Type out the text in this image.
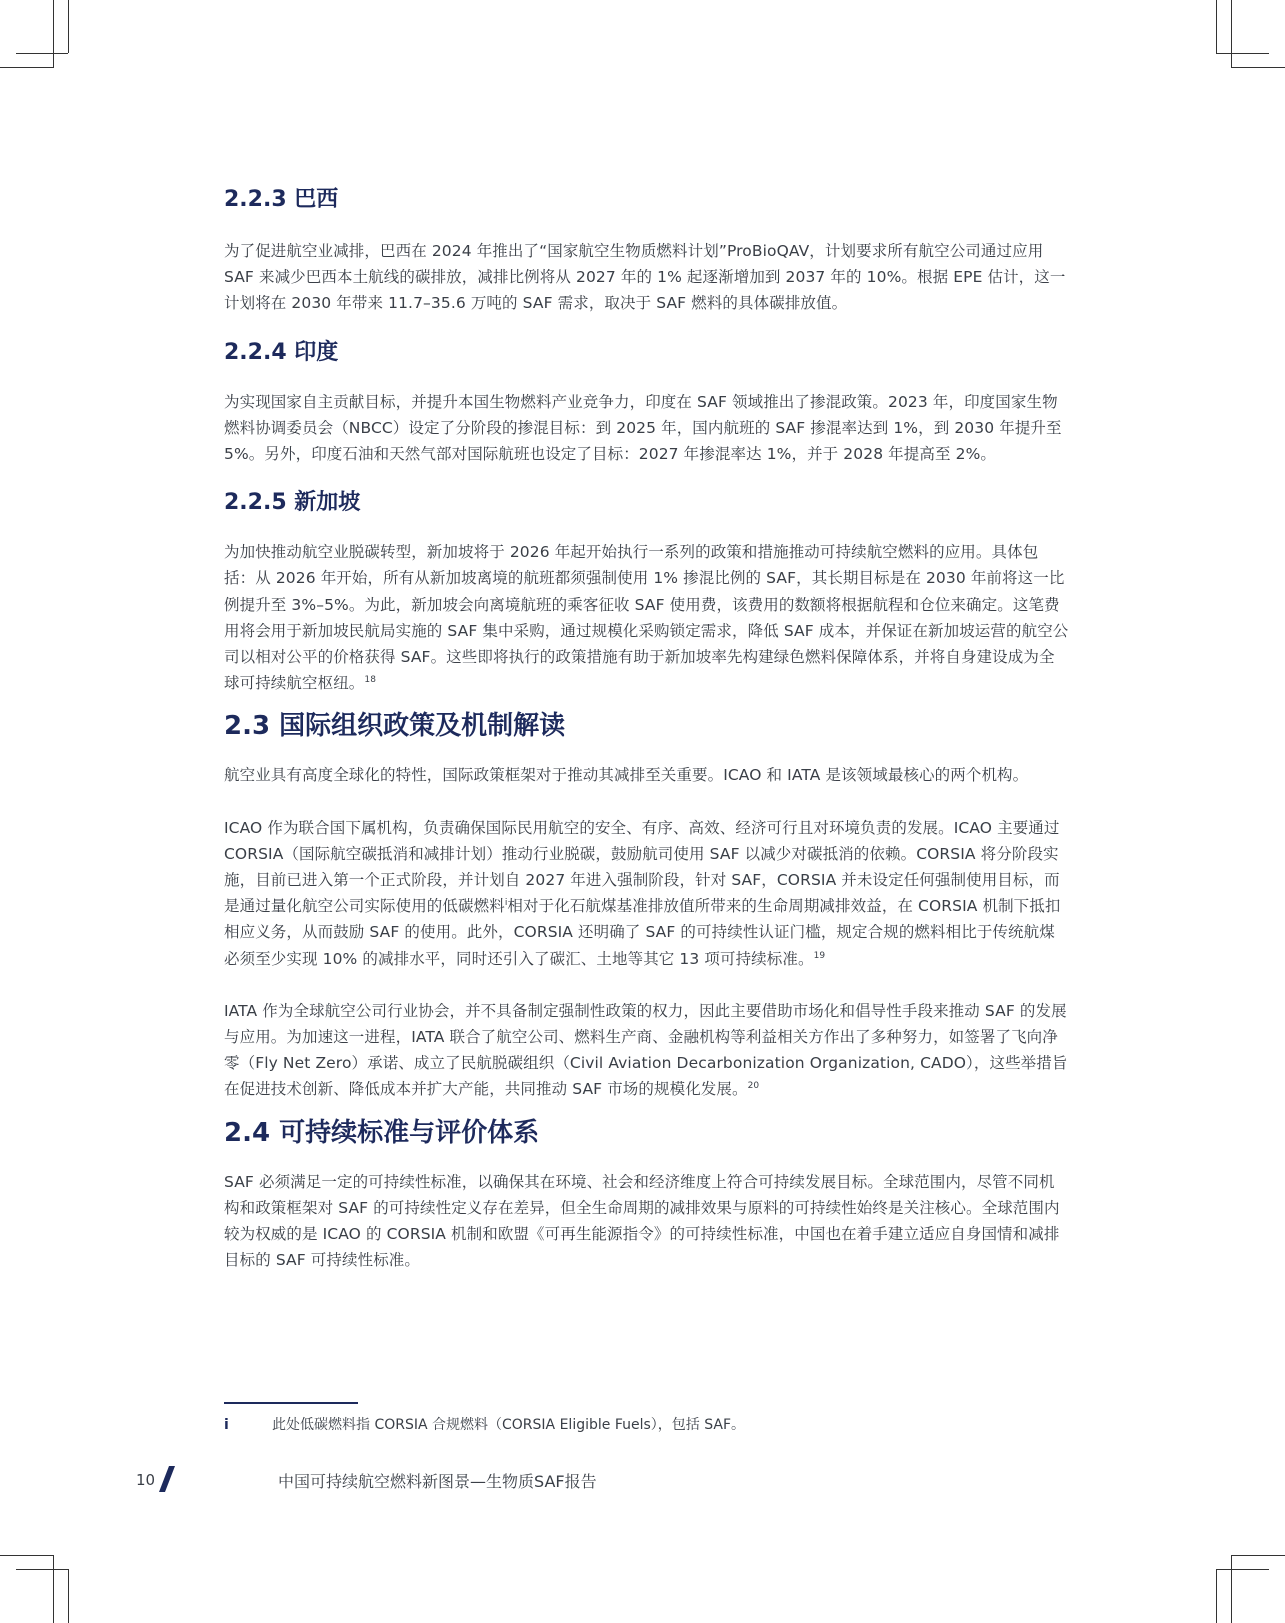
2.2.3 巴西

为了促进航空业减排，巴西在 2024 年推出了“国家航空生物质燃料计划”ProBioQAV，计划要求所有航空公司通过应用 SAF 来减少巴西本土航线的碳排放，减排比例将从 2027 年的 1% 起逐渐增加到 2037 年的 10%。根据 EPE 估计，这一计划将在 2030 年带来 11.7–35.6 万吨的 SAF 需求，取决于 SAF 燃料的具体碳排放值。

2.2.4 印度

为实现国家自主贡献目标，并提升本国生物燃料产业竞争力，印度在 SAF 领域推出了掺混政策。2023 年，印度国家生物燃料协调委员会（NBCC）设定了分阶段的掺混目标：到 2025 年，国内航班的 SAF 掺混率达到 1%，到 2030 年提升至 5%。另外，印度石油和天然气部对国际航班也设定了目标：2027 年掺混率达 1%，并于 2028 年提高至 2%。

2.2.5 新加坡

为加快推动航空业脱碳转型，新加坡将于 2026 年起开始执行一系列的政策和措施推动可持续航空燃料的应用。具体包括：从 2026 年开始，所有从新加坡离境的航班都须强制使用 1% 掺混比例的 SAF，其长期目标是在 2030 年前将这一比例提升至 3%–5%。为此，新加坡会向离境航班的乘客征收 SAF 使用费，该费用的数额将根据航程和仓位来确定。这笔费用将会用于新加坡民航局实施的 SAF 集中采购，通过规模化采购锁定需求，降低 SAF 成本，并保证在新加坡运营的航空公司以相对公平的价格获得 SAF。这些即将执行的政策措施有助于新加坡率先构建绿色燃料保障体系，并将自身建设成为全球可持续航空枢纽。$^{18}$

2.3 国际组织政策及机制解读

航空业具有高度全球化的特性，国际政策框架对于推动其减排至关重要。ICAO 和 IATA 是该领域最核心的两个机构。

ICAO 作为联合国下属机构，负责确保国际民用航空的安全、有序、高效、经济可行且对环境负责的发展。ICAO 主要通过 CORSIA（国际航空碳抵消和减排计划）推动行业脱碳，鼓励航司使用 SAF 以减少对碳抵消的依赖。CORSIA 将分阶段实施，目前已进入第一个正式阶段，并计划自 2027 年进入强制阶段，针对 SAF，CORSIA 并未设定任何强制使用目标，而是通过量化航空公司实际使用的低碳燃料$^i$相对于化石航煤基准排放值所带来的生命周期减排效益，在 CORSIA 机制下抵扣相应义务，从而鼓励 SAF 的使用。此外，CORSIA 还明确了 SAF 的可持续性认证门槛，规定合规的燃料相比于传统航煤必须至少实现 10% 的减排水平，同时还引入了碳汇、土地等其它 13 项可持续标准。$^{19}$

IATA 作为全球航空公司行业协会，并不具备制定强制性政策的权力，因此主要借助市场化和倡导性手段来推动 SAF 的发展与应用。为加速这一进程，IATA 联合了航空公司、燃料生产商、金融机构等利益相关方作出了多种努力，如签署了飞向净零（Fly Net Zero）承诺、成立了民航脱碳组织（Civil Aviation Decarbonization Organization, CADO），这些举措旨在促进技术创新、降低成本并扩大产能，共同推动 SAF 市场的规模化发展。$^{20}$

2.4 可持续标准与评价体系

SAF 必须满足一定的可持续性标准，以确保其在环境、社会和经济维度上符合可持续发展目标。全球范围内，尽管不同机构和政策框架对 SAF 的可持续性定义存在差异，但全生命周期的减排效果与原料的可持续性始终是关注核心。全球范围内较为权威的是 ICAO 的 CORSIA 机制和欧盟《可再生能源指令》的可持续性标准，中国也在着手建立适应自身国情和减排目标的 SAF 可持续性标准。

i	此处低碳燃料指 CORSIA 合规燃料（CORSIA Eligible Fuels），包括 SAF。
10	中国可持续航空燃料新图景—生物质SAF报告
